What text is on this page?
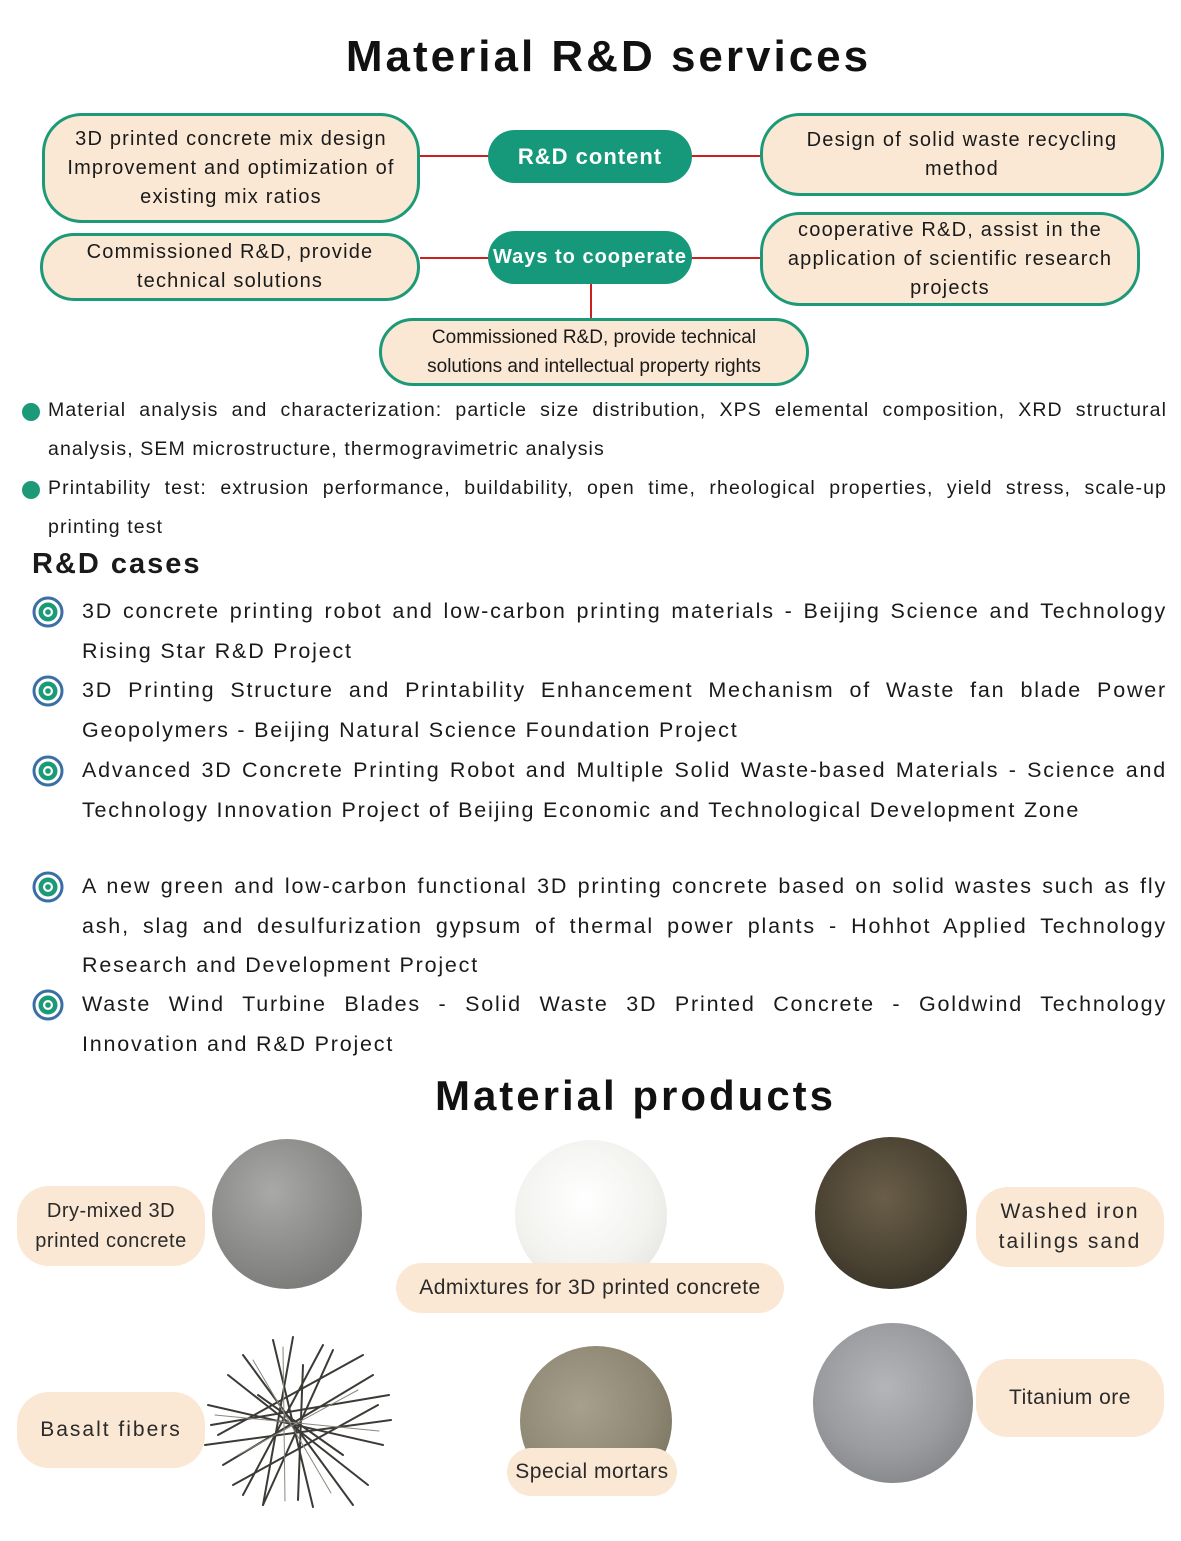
Material R&D services
3D printed concrete mix design Improvement and optimization of existing mix ratios
R&D content
Design of solid waste recycling method
Commissioned R&D, provide technical solutions
Ways to cooperate
cooperative R&D, assist in the application of scientific research projects
Commissioned R&D, provide technical solutions and intellectual property rights
Material analysis and characterization: particle size distribution, XPS elemental composition, XRD structural analysis, SEM microstructure, thermogravimetric analysis
Printability test: extrusion performance, buildability, open time, rheological properties, yield stress, scale-up printing test
R&D cases
3D concrete printing robot and low-carbon printing materials - Beijing Science and Technology Rising Star R&D Project
3D Printing Structure and Printability Enhancement Mechanism of Waste fan blade Power Geopolymers - Beijing Natural Science Foundation Project
Advanced 3D Concrete Printing Robot and Multiple Solid Waste-based Materials - Science and Technology Innovation Project of Beijing Economic and Technological Development Zone
A new green and low-carbon functional 3D printing concrete based on solid wastes such as fly ash, slag and desulfurization gypsum of thermal power plants - Hohhot Applied Technology Research and Development Project
Waste Wind Turbine Blades - Solid Waste 3D Printed Concrete - Goldwind Technology Innovation and R&D Project
Material products
Dry-mixed 3D printed concrete
Admixtures for 3D printed concrete
Washed iron tailings sand
Basalt fibers
Special mortars
Titanium ore
